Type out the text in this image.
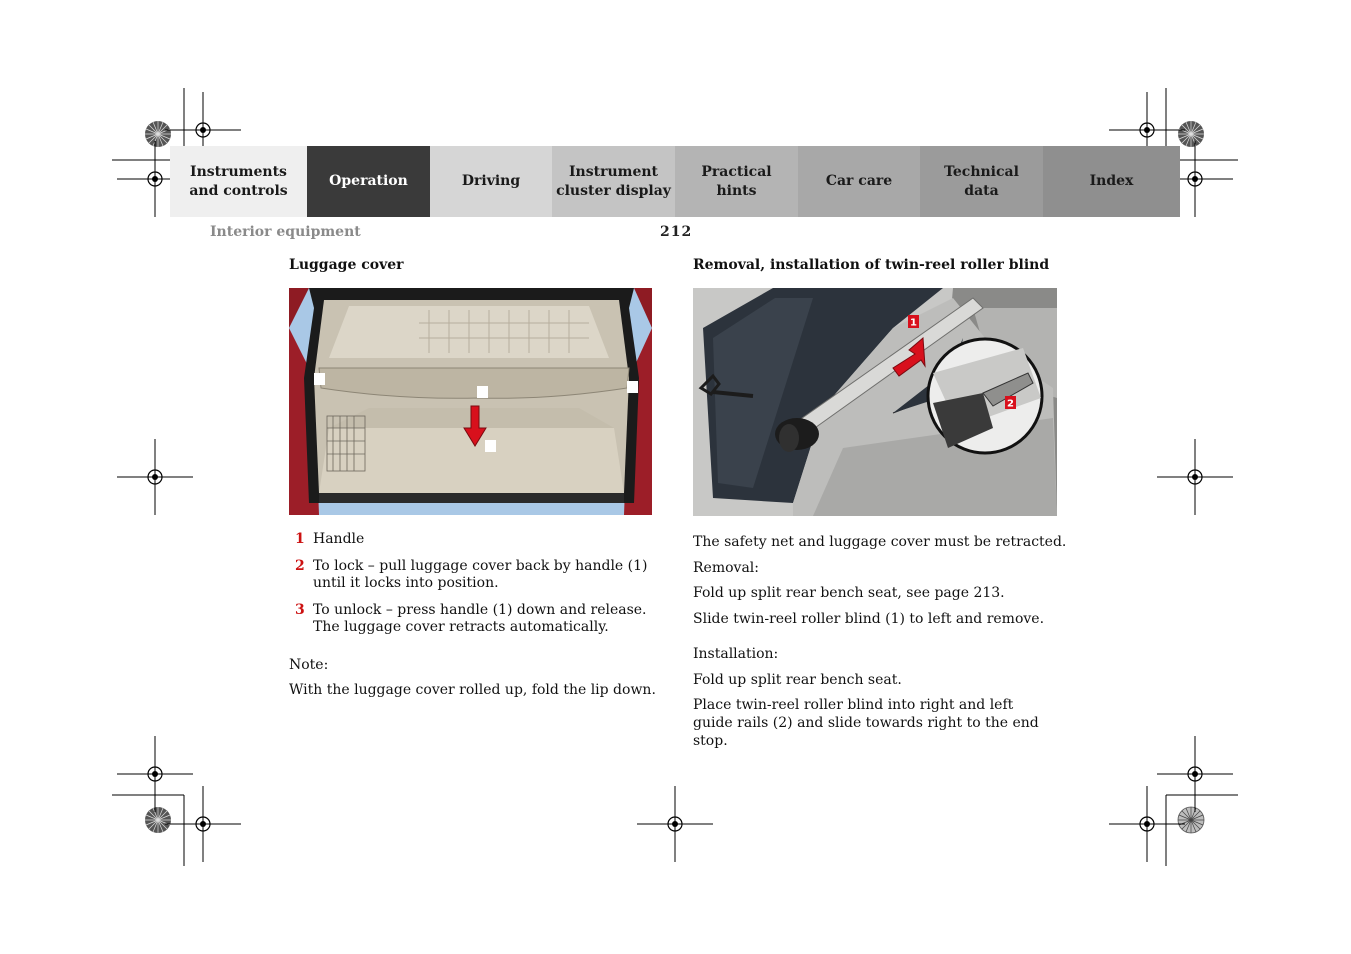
Instruments
and controls
Operation	Driving
Instrument
cluster display
Practical hints
Car care
Technical
data
Index
Interior equipment	212
Luggage cover
1 Handle
2 To lock – pull luggage cover back by handle (1) until it locks into position.
3 To unlock – press handle (1) down and release. The luggage cover retracts automatically.

Note:

With the luggage cover rolled up, fold the lip down.

Removal, installation of twin-reel roller blind
1
2

The safety net and luggage cover must be retracted.

Removal:

Fold up split rear bench seat, see page 213.

Slide twin-reel roller blind (1) to left and remove.

Installation:

Fold up split rear bench seat.

Place twin-reel roller blind into right and left guide rails (2) and slide towards right to the end stop.
